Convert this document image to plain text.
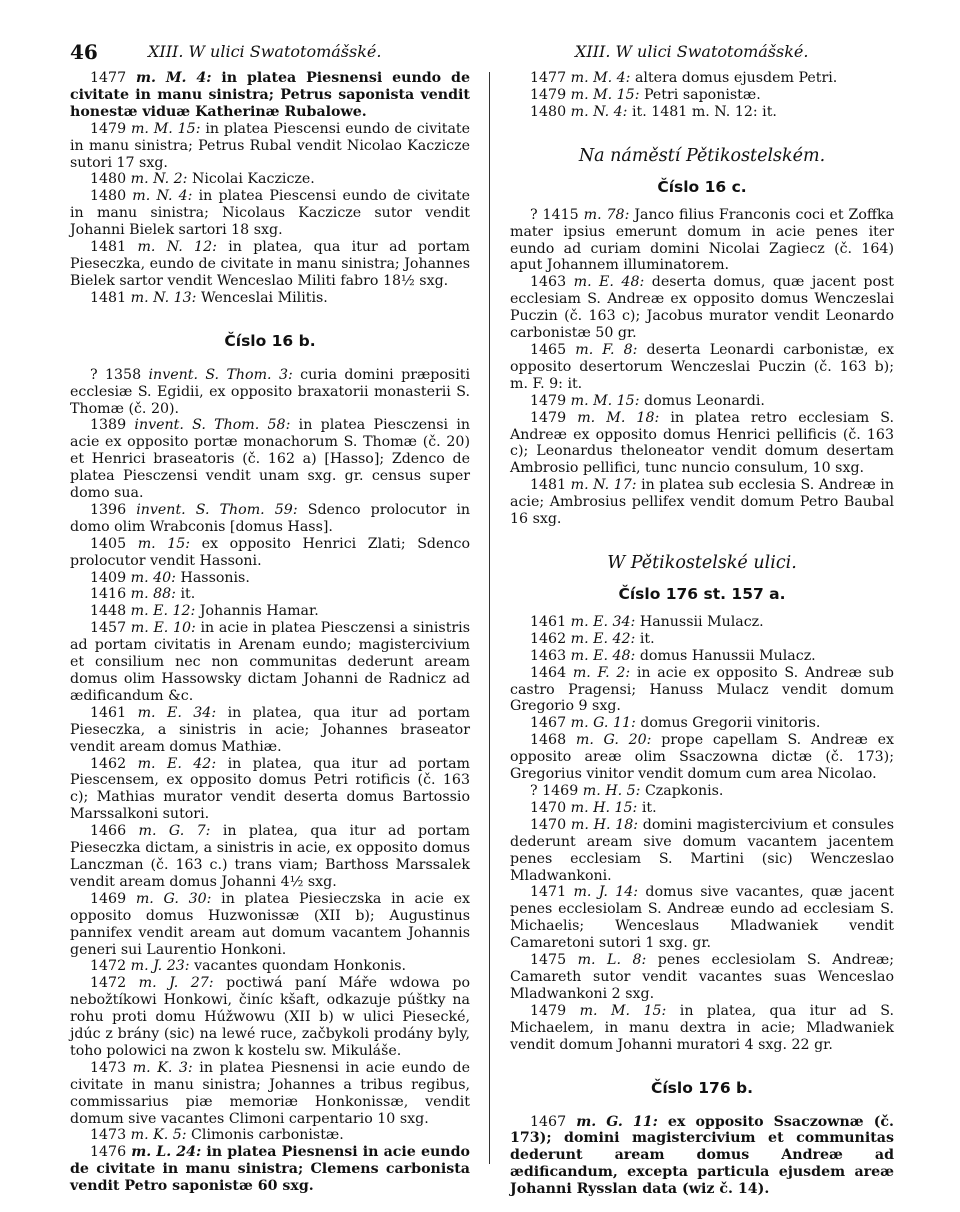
46	XIII. W ulici Swatotomášské.	XIII. W ulici Swatotomášské.

1477 m. M. 4: in platea Piesnensi eundo de civitate in manu sinistra; Petrus saponista vendit honestæ viduæ Katherinæ Rubalowe.

1479 m. M. 15: in platea Piescensi eundo de civitate in manu sinistra; Petrus Rubal vendit Nicolao Kaczicze sutori 17 sxg.

1480 m. N. 2: Nicolai Kaczicze.

1480 m. N. 4: in platea Piescensi eundo de civitate in manu sinistra; Nicolaus Kaczicze sutor vendit Johanni Bielek sartori 18 sxg.

1481 m. N. 12: in platea, qua itur ad portam Pieseczka, eundo de civitate in manu sinistra; Johannes Bielek sartor vendit Wenceslao Militi fabro 18½ sxg.

1481 m. N. 13: Wenceslai Militis.

Číslo 16 b.

? 1358 invent. S. Thom. 3: curia domini præpositi ecclesiæ S. Egidii, ex opposito braxatorii monasterii S. Thomæ (č. 20).

1389 invent. S. Thom. 58: in platea Piesczensi in acie ex opposito portæ monachorum S. Thomæ (č. 20) et Henrici braseatoris (č. 162 a) [Hasso]; Zdenco de platea Piesczensi vendit unam sxg. gr. census super domo sua.

1396 invent. S. Thom. 59: Sdenco prolocutor in domo olim Wrabconis [domus Hass].

1405 m. 15: ex opposito Henrici Zlati; Sdenco prolocutor vendit Hassoni.

1409 m. 40: Hassonis.

1416 m. 88: it.

1448 m. E. 12: Johannis Hamar.

1457 m. E. 10: in acie in platea Piesczensi a sinistris ad portam civitatis in Arenam eundo; magistercivium et consilium nec non communitas dederunt aream domus olim Hassowsky dictam Johanni de Radnicz ad ædificandum &c.

1461 m. E. 34: in platea, qua itur ad portam Pieseczka, a sinistris in acie; Johannes braseator vendit aream domus Mathiæ.

1462 m. E. 42: in platea, qua itur ad portam Piescensem, ex opposito domus Petri rotificis (č. 163 c); Mathias murator vendit deserta domus Bartossio Marssalkoni sutori.

1466 m. G. 7: in platea, qua itur ad portam Pieseczka dictam, a sinistris in acie, ex opposito domus Lanczman (č. 163 c.) trans viam; Barthoss Marssalek vendit aream domus Johanni 4½ sxg.

1469 m. G. 30: in platea Piesieczska in acie ex opposito domus Huzwonissæ (XII b); Augustinus pannifex vendit aream aut domum vacantem Johannis generi sui Laurentio Honkoni.

1472 m. J. 23: vacantes quondam Honkonis.

1472 m. J. 27: poctiwá paní Máře wdowa po nebožtíkowi Honkowi, činíc kšaft, odkazuje púštky na rohu proti domu Húžwowu (XII b) w ulici Piesecké, jdúc z brány (sic) na lewé ruce, začbykoli prodány byly, toho polowici na zwon k kostelu sw. Mikuláše.

1473 m. K. 3: in platea Piesnensi in acie eundo de civitate in manu sinistra; Johannes a tribus regibus, commissarius piæ memoriæ Honkonissæ, vendit domum sive vacantes Climoni carpentario 10 sxg.

1473 m. K. 5: Climonis carbonistæ.

1476 m. L. 24: in platea Piesnensi in acie eundo de civitate in manu sinistra; Clemens carbonista vendit Petro saponistæ 60 sxg.

1477 m. M. 4: altera domus ejusdem Petri.

1479 m. M. 15: Petri saponistæ.

1480 m. N. 4: it. 1481 m. N. 12: it.

Na náměstí Pětikostelském.
Číslo 16 c.

? 1415 m. 78: Janco filius Franconis coci et Zoffka mater ipsius emerunt domum in acie penes iter eundo ad curiam domini Nicolai Zagiecz (č. 164) aput Johannem illuminatorem.

1463 m. E. 48: deserta domus, quæ jacent post ecclesiam S. Andreæ ex opposito domus Wenczeslai Puczin (č. 163 c); Jacobus murator vendit Leonardo carbonistæ 50 gr.

1465 m. F. 8: deserta Leonardi carbonistæ, ex opposito desertorum Wenczeslai Puczin (č. 163 b); m. F. 9: it.

1479 m. M. 15: domus Leonardi.

1479 m. M. 18: in platea retro ecclesiam S. Andreæ ex opposito domus Henrici pellificis (č. 163 c); Leonardus theloneator vendit domum desertam Ambrosio pellifici, tunc nuncio consulum, 10 sxg.

1481 m. N. 17: in platea sub ecclesia S. Andreæ in acie; Ambrosius pellifex vendit domum Petro Baubal 16 sxg.

W Pětikostelské ulici.
Číslo 176 st. 157 a.

1461 m. E. 34: Hanussii Mulacz.

1462 m. E. 42: it.

1463 m. E. 48: domus Hanussii Mulacz.

1464 m. F. 2: in acie ex opposito S. Andreæ sub castro Pragensi; Hanuss Mulacz vendit domum Gregorio 9 sxg.

1467 m. G. 11: domus Gregorii vinitoris.

1468 m. G. 20: prope capellam S. Andreæ ex opposito areæ olim Ssaczowna dictæ (č. 173); Gregorius vinitor vendit domum cum area Nicolao.

? 1469 m. H. 5: Czapkonis.

1470 m. H. 15: it.

1470 m. H. 18: domini magistercivium et consules dederunt aream sive domum vacantem jacentem penes ecclesiam S. Martini (sic) Wenczeslao Mladwankoni.

1471 m. J. 14: domus sive vacantes, quæ jacent penes ecclesiolam S. Andreæ eundo ad ecclesiam S. Michaelis; Wenceslaus Mladwaniek vendit Camaretoni sutori 1 sxg. gr.

1475 m. L. 8: penes ecclesiolam S. Andreæ; Camareth sutor vendit vacantes suas Wenceslao Mladwankoni 2 sxg.

1479 m. M. 15: in platea, qua itur ad S. Michaelem, in manu dextra in acie; Mladwaniek vendit domum Johanni muratori 4 sxg. 22 gr.

Číslo 176 b.

1467 m. G. 11: ex opposito Ssaczownæ (č. 173); domini magistercivium et communitas dederunt aream domus Andreæ ad ædificandum, excepta particula ejusdem areæ Johanni Rysslan data (wiz č. 14).
